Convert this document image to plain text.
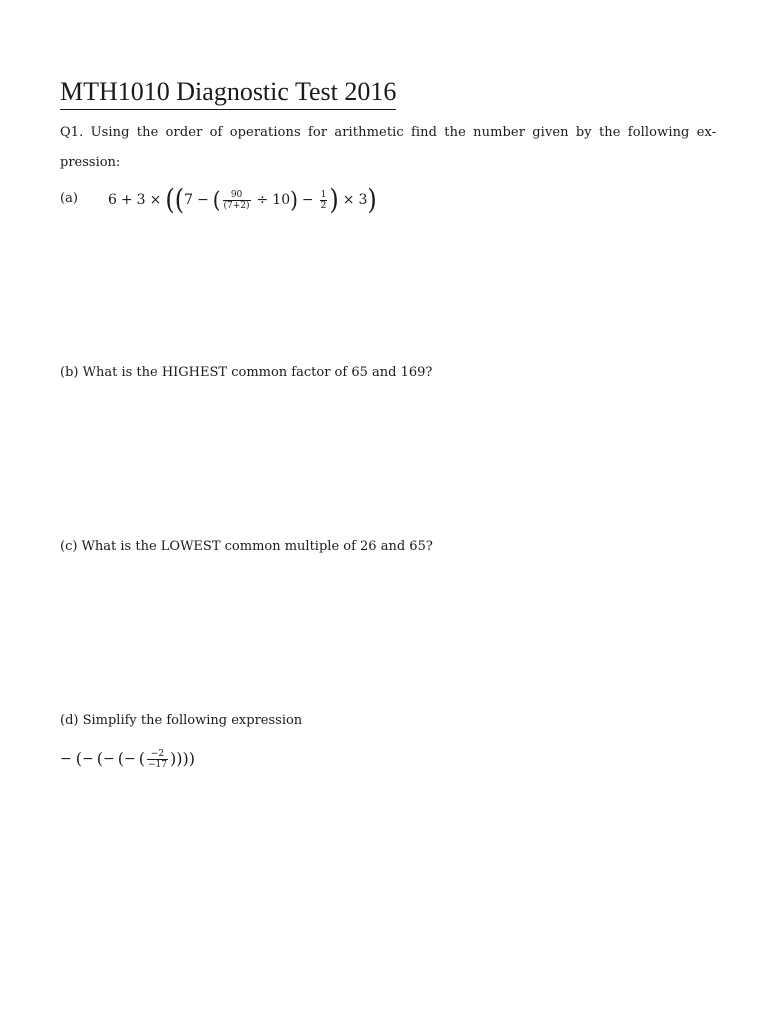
MTH1010 Diagnostic Test 2016
Q1. Using the order of operations for arithmetic find the number given by the following ex-
pression:
(a) 6 + 3 × ( ( 7 − ( $\frac{90}{(7+2)} \div 10$ ) − $\frac{1}{2}$ ) × 3 )
(b) What is the HIGHEST common factor of 65 and 169?
(c) What is the LOWEST common multiple of 26 and 65?
(d) Simplify the following expression
− ( − ( − ( − ( $\frac{-2}{-17}$ ) ) ) )
